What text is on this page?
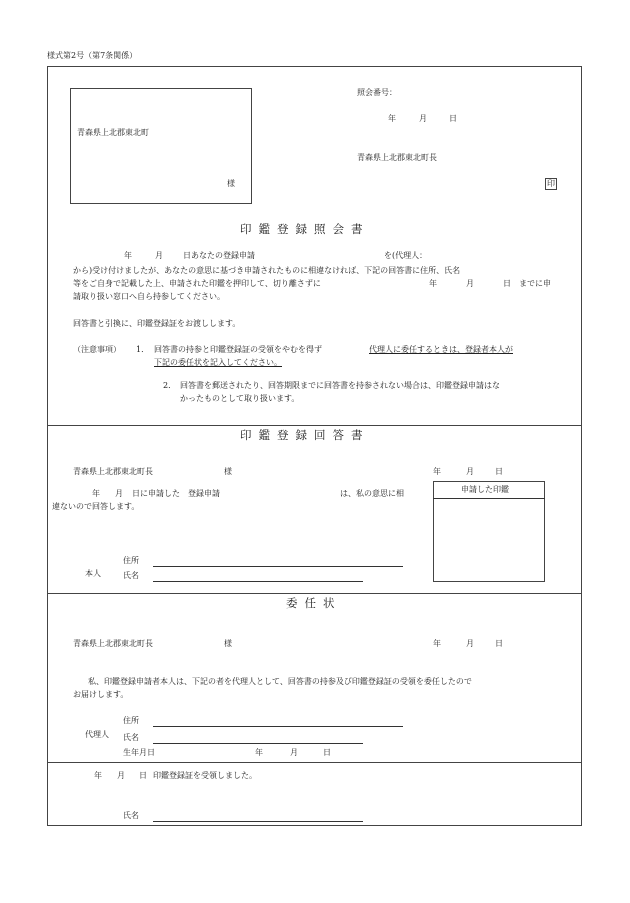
様式第2号（第7条関係）
青森県上北郡東北町
様
照会番号：
年	月	日
青森県上北郡東北町長
印
印鑑登録照会書
年	月	日あなたの登録申請	を(代理人：
から)受け付けましたが、あなたの意思に基づき申請されたものに相違なければ、下記の回答書に住所、氏名
等をご自身で記載した上、申請された印鑑を押印して、切り離さずに	年	月	日　までに申
請取り扱い窓口へ自ら持参してください。
回答書と引換に、印鑑登録証をお渡しします。
（注意事項） 1． 回答書の持参と印鑑登録証の受領をやむを得ず	代理人に委任するときは、登録者本人が
下記の委任状を記入してください。
2． 回答書を郵送されたり、回答期限までに回答書を持参されない場合は、印鑑登録申請はな
かったものとして取り扱います。
印鑑登録回答書
青森県上北郡東北町長	様	年	月	日
年 月 日に申請した　登録申請	は、私の意思に相
違ないので回答します。
申請した印鑑
住所
本人	氏名
委任状
青森県上北郡東北町長	様	年	月	日
私、印鑑登録申請者本人は、下記の者を代理人として、回答書の持参及び印鑑登録証の受領を委任したので
お届けします。
住所
代理人 氏名
生年月日	年	月	日
年 月 日 印鑑登録証を受領しました。
氏名
